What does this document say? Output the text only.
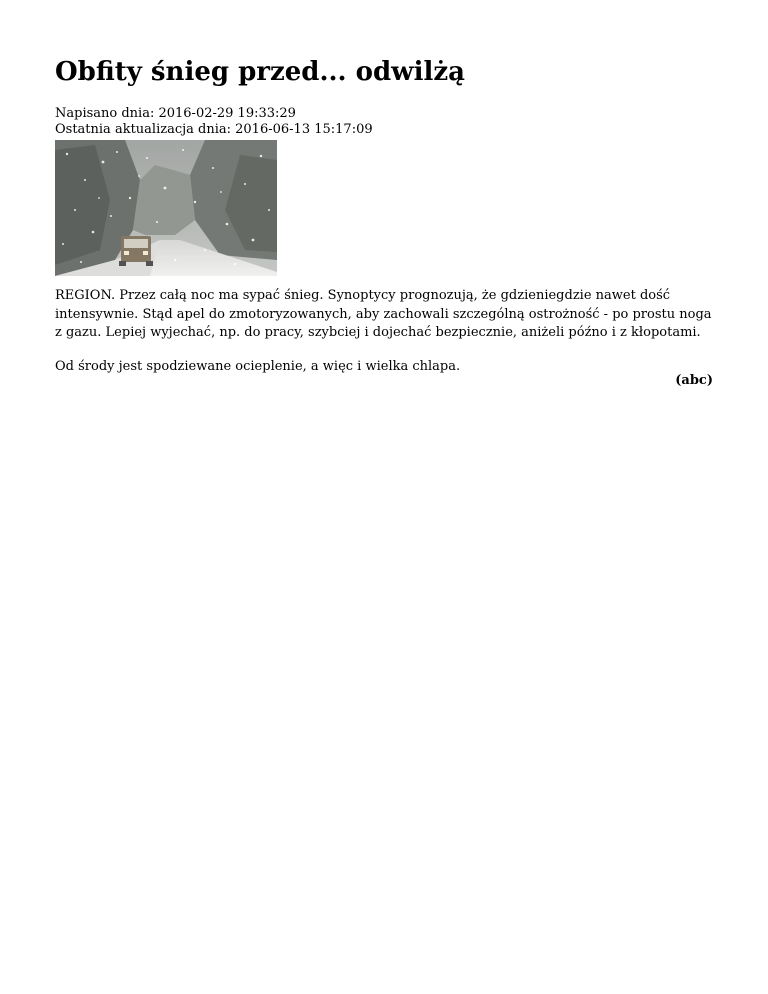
Obfity śnieg przed... odwilżą
Napisano dnia: 2016-02-29 19:33:29
Ostatnia aktualizacja dnia: 2016-06-13 15:17:09

REGION. Przez całą noc ma sypać śnieg. Synoptycy prognozują, że gdzieniegdzie nawet dość intensywnie. Stąd apel do zmotoryzowanych, aby zachowali szczególną ostrożność - po prostu noga z gazu. Lepiej wyjechać, np. do pracy, szybciej i dojechać bezpiecznie, aniżeli późno i z kłopotami.

Od środy jest spodziewane ocieplenie, a więc i wielka chlapa.

(abc)
